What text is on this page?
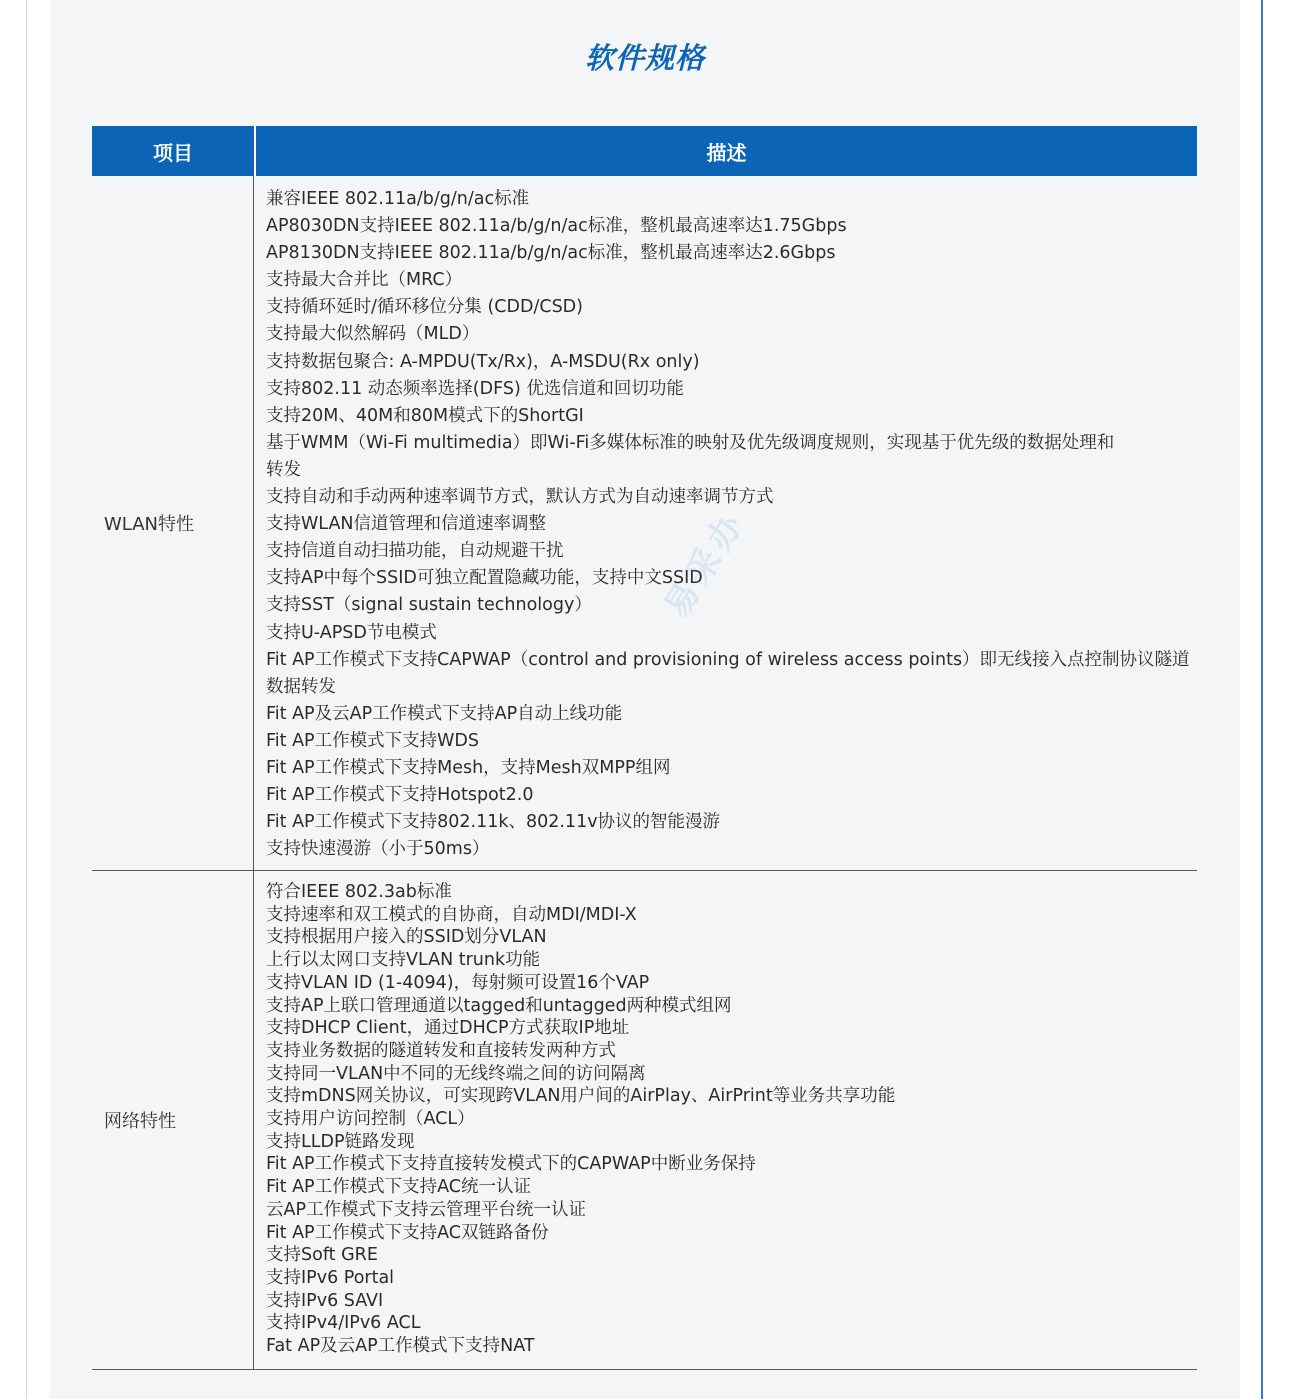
软件规格
项目	描述
WLAN特性
兼容IEEE 802.11a/b/g/n/ac标准
AP8030DN支持IEEE 802.11a/b/g/n/ac标准，整机最高速率达1.75Gbps
AP8130DN支持IEEE 802.11a/b/g/n/ac标准，整机最高速率达2.6Gbps
支持最大合并比（MRC）
支持循环延时/循环移位分集 (CDD/CSD)
支持最大似然解码（MLD）
支持数据包聚合: A-MPDU(Tx/Rx)，A-MSDU(Rx only)
支持802.11 动态频率选择(DFS) 优选信道和回切功能
支持20M、40M和80M模式下的ShortGI
基于WMM（Wi-Fi multimedia）即Wi-Fi多媒体标准的映射及优先级调度规则，实现基于优先级的数据处理和
转发
支持自动和手动两种速率调节方式，默认方式为自动速率调节方式
支持WLAN信道管理和信道速率调整
支持信道自动扫描功能，自动规避干扰
支持AP中每个SSID可独立配置隐藏功能，支持中文SSID
支持SST（signal sustain technology）
支持U-APSD节电模式
Fit AP工作模式下支持CAPWAP（control and provisioning of wireless access points）即无线接入点控制协议隧道
数据转发
Fit AP及云AP工作模式下支持AP自动上线功能
Fit AP工作模式下支持WDS
Fit AP工作模式下支持Mesh，支持Mesh双MPP组网
Fit AP工作模式下支持Hotspot2.0
Fit AP工作模式下支持802.11k、802.11v协议的智能漫游
支持快速漫游（小于50ms）
网络特性
符合IEEE 802.3ab标准
支持速率和双工模式的自协商，自动MDI/MDI-X
支持根据用户接入的SSID划分VLAN
上行以太网口支持VLAN trunk功能
支持VLAN ID (1-4094)，每射频可设置16个VAP
支持AP上联口管理通道以tagged和untagged两种模式组网
支持DHCP Client，通过DHCP方式获取IP地址
支持业务数据的隧道转发和直接转发两种方式
支持同一VLAN中不同的无线终端之间的访问隔离
支持mDNS网关协议，可实现跨VLAN用户间的AirPlay、AirPrint等业务共享功能
支持用户访问控制（ACL）
支持LLDP链路发现
Fit AP工作模式下支持直接转发模式下的CAPWAP中断业务保持
Fit AP工作模式下支持AC统一认证
云AP工作模式下支持云管理平台统一认证
Fit AP工作模式下支持AC双链路备份
支持Soft GRE
支持IPv6 Portal
支持IPv6 SAVI
支持IPv4/IPv6 ACL
Fat AP及云AP工作模式下支持NAT
